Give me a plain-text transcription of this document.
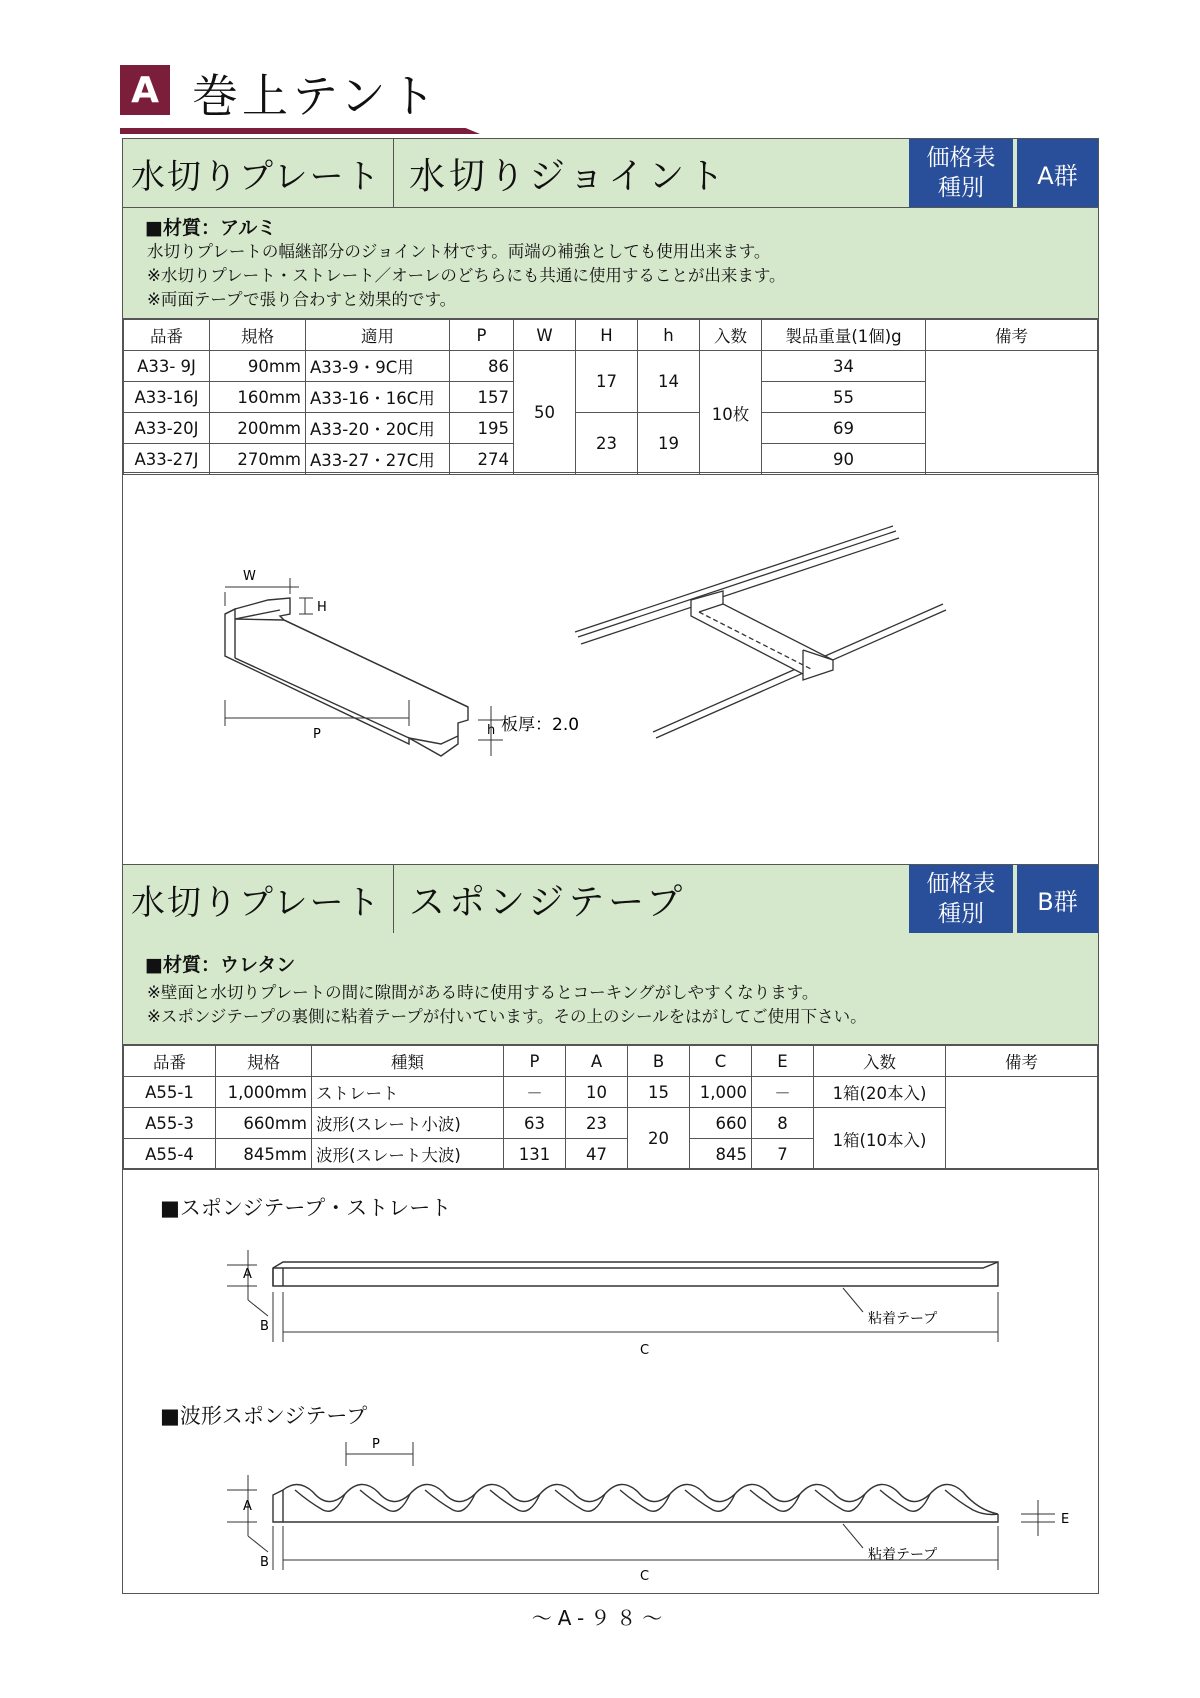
A 巻上テント
水切りプレート 水切りジョイント	価格表
種別	A群
■材質：アルミ
水切りプレートの幅継部分のジョイント材です。両端の補強としても使用出来ます。
※水切りプレート・ストレート／オーレのどちらにも共通に使用することが出来ます。
※両面テープで張り合わすと効果的です。
品番	規格	適用	P	W	H	h	入数	製品重量(1個)g	備考
A33- 9J	90mm	A33-9・9C用	86	50	17	14	10枚	34	
A33-16J	160mm	A33-16・16C用	157					55	
A33-20J	200mm	A33-20・20C用	195		23	19		69	
A33-27J	270mm	A33-27・27C用	274					90	
W
H
h
P	板厚：2.0
水切りプレート スポンジテープ	価格表
種別	B群
■材質：ウレタン
※壁面と水切りプレートの間に隙間がある時に使用するとコーキングがしやすくなります。
※スポンジテープの裏側に粘着テープが付いています。その上のシールをはがしてご使用下さい。
品番	規格	種類	P	A	B	C	E	入数	備考
A55-1	1,000mm	ストレート	－	10	15	1,000	－	1箱(20本入)	
A55-3	660mm	波形(スレート小波)	63	23	20	660	8	1箱(10本入)	
A55-4	845mm	波形(スレート大波)	131	47		845	7		
■スポンジテープ・ストレート
A
B
C
粘着テープ
■波形スポンジテープ
P
A
B
C
E
粘着テープ
～A-９８～
